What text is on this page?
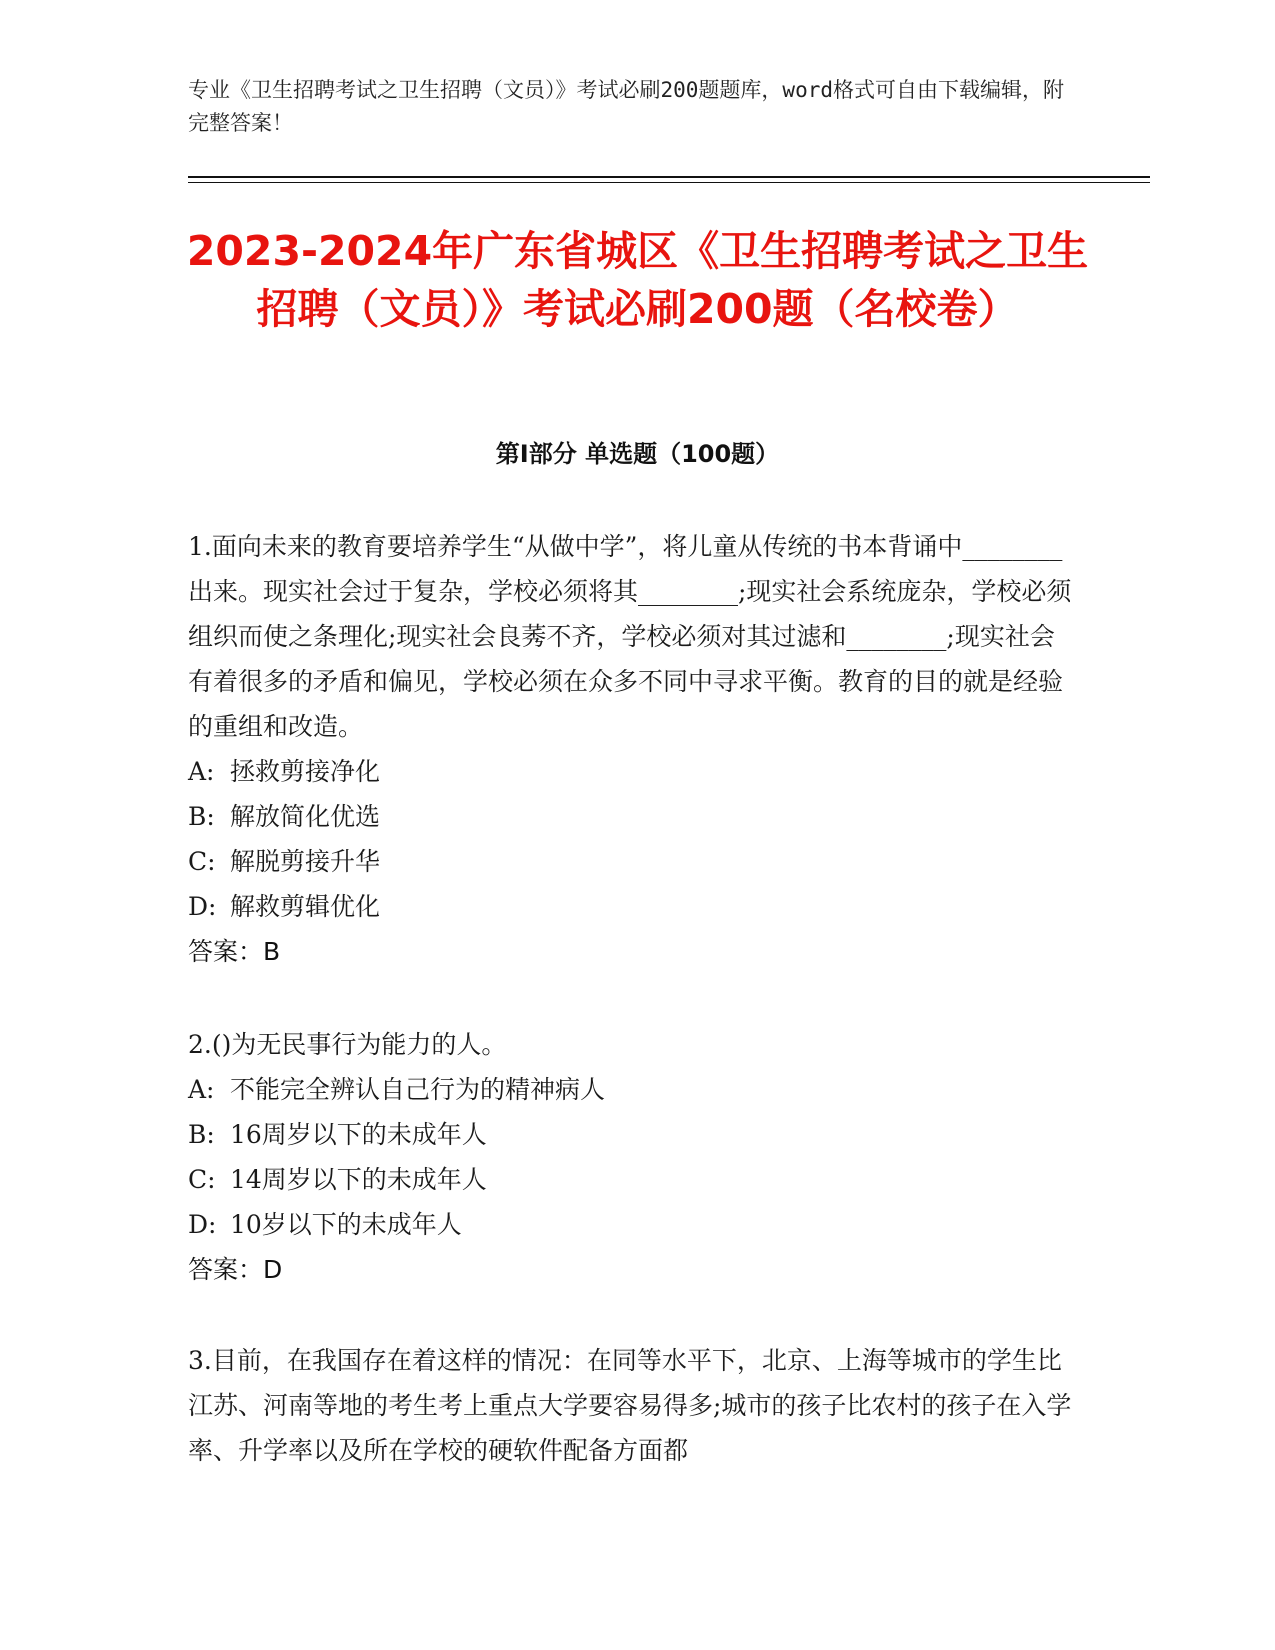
专业《卫生招聘考试之卫生招聘（文员）》考试必刷200题题库，word格式可自由下载编辑，附完整答案！
2023-2024年广东省城区《卫生招聘考试之卫生招聘（文员）》考试必刷200题（名校卷）
第Ⅰ部分 单选题（100题）

1.面向未来的教育要培养学生“从做中学”，将儿童从传统的书本背诵中________出来。现实社会过于复杂，学校必须将其________;现实社会系统庞杂，学校必须组织而使之条理化;现实社会良莠不齐，学校必须对其过滤和________;现实社会有着很多的矛盾和偏见，学校必须在众多不同中寻求平衡。教育的目的就是经验的重组和改造。

A: 拯救剪接净化
B: 解放简化优选
C: 解脱剪接升华
D: 解救剪辑优化
答案： B

2.()为无民事行为能力的人。

A: 不能完全辨认自己行为的精神病人
B: 16周岁以下的未成年人
C: 14周岁以下的未成年人
D: 10岁以下的未成年人
答案： D

3.目前，在我国存在着这样的情况：在同等水平下，北京、上海等城市的学生比江苏、河南等地的考生考上重点大学要容易得多;城市的孩子比农村的孩子在入学率、升学率以及所在学校的硬软件配备方面都
